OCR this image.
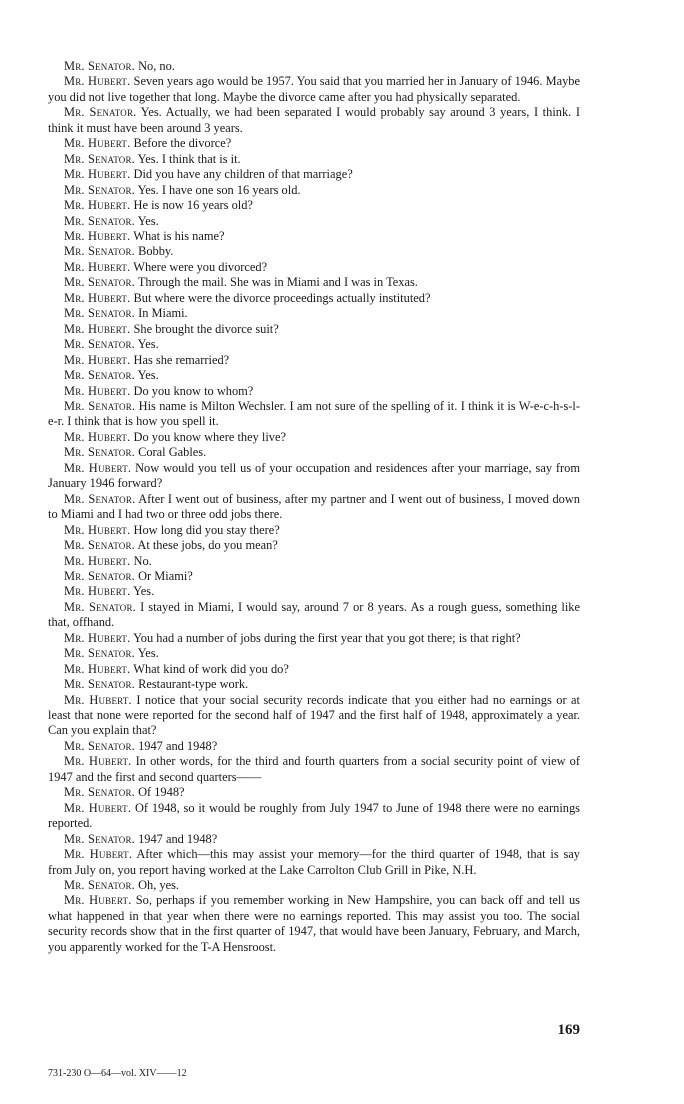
Mr. Senator. No, no.

Mr. Hubert. Seven years ago would be 1957. You said that you married her in January of 1946. Maybe you did not live together that long. Maybe the divorce came after you had physically separated.

Mr. Senator. Yes. Actually, we had been separated I would probably say around 3 years, I think. I think it must have been around 3 years.

Mr. Hubert. Before the divorce?

Mr. Senator. Yes. I think that is it.

Mr. Hubert. Did you have any children of that marriage?

Mr. Senator. Yes. I have one son 16 years old.

Mr. Hubert. He is now 16 years old?

Mr. Senator. Yes.

Mr. Hubert. What is his name?

Mr. Senator. Bobby.

Mr. Hubert. Where were you divorced?

Mr. Senator. Through the mail. She was in Miami and I was in Texas.

Mr. Hubert. But where were the divorce proceedings actually instituted?

Mr. Senator. In Miami.

Mr. Hubert. She brought the divorce suit?

Mr. Senator. Yes.

Mr. Hubert. Has she remarried?

Mr. Senator. Yes.

Mr. Hubert. Do you know to whom?

Mr. Senator. His name is Milton Wechsler. I am not sure of the spelling of it. I think it is W-e-c-h-s-l-e-r. I think that is how you spell it.

Mr. Hubert. Do you know where they live?

Mr. Senator. Coral Gables.

Mr. Hubert. Now would you tell us of your occupation and residences after your marriage, say from January 1946 forward?

Mr. Senator. After I went out of business, after my partner and I went out of business, I moved down to Miami and I had two or three odd jobs there.

Mr. Hubert. How long did you stay there?

Mr. Senator. At these jobs, do you mean?

Mr. Hubert. No.

Mr. Senator. Or Miami?

Mr. Hubert. Yes.

Mr. Senator. I stayed in Miami, I would say, around 7 or 8 years. As a rough guess, something like that, offhand.

Mr. Hubert. You had a number of jobs during the first year that you got there; is that right?

Mr. Senator. Yes.

Mr. Hubert. What kind of work did you do?

Mr. Senator. Restaurant-type work.

Mr. Hubert. I notice that your social security records indicate that you either had no earnings or at least that none were reported for the second half of 1947 and the first half of 1948, approximately a year. Can you explain that?

Mr. Senator. 1947 and 1948?

Mr. Hubert. In other words, for the third and fourth quarters from a social security point of view of 1947 and the first and second quarters——

Mr. Senator. Of 1948?

Mr. Hubert. Of 1948, so it would be roughly from July 1947 to June of 1948 there were no earnings reported.

Mr. Senator. 1947 and 1948?

Mr. Hubert. After which—this may assist your memory—for the third quarter of 1948, that is say from July on, you report having worked at the Lake Carrolton Club Grill in Pike, N.H.

Mr. Senator. Oh, yes.

Mr. Hubert. So, perhaps if you remember working in New Hampshire, you can back off and tell us what happened in that year when there were no earnings reported. This may assist you too. The social security records show that in the first quarter of 1947, that would have been January, February, and March, you apparently worked for the T-A Hensroost.

169
731-230 O—64—vol. XIV——12
